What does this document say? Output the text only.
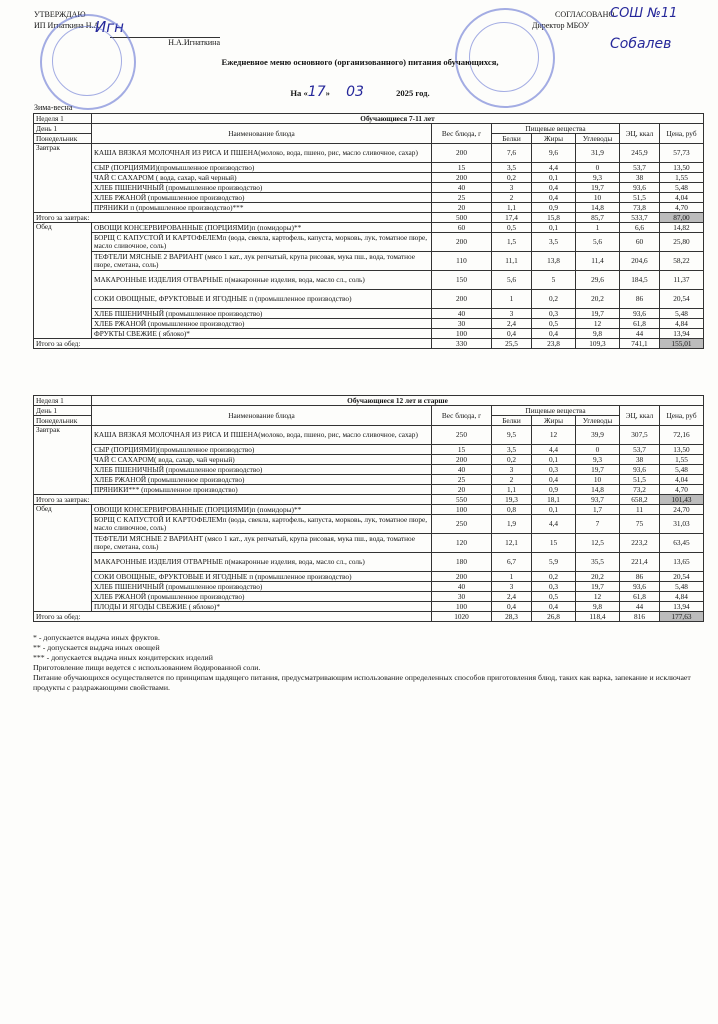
УТВЕРЖДАЮ
ИП Игнаткина Н.А.
Н.А.Игнаткина
СОГЛАСОВАНО
Директор МБОУ
Игн
СОШ №11
Собалев
Ежедневное меню основного (организованного) питания обучающихся,
На «17» 03	2025 год.
Зима-весна
Неделя 1	Обучающиеся 7-11 лет						
День 1	Наименование блюда	Вес блюда, г	Пищевые вещества			ЭЦ, ккал	Цена, руб
Понедельник			Белки	Жиры	Углеводы		
Завтрак	КАША ВЯЗКАЯ МОЛОЧНАЯ ИЗ РИСА И ПШЕНА(молоко, вода, пшено, рис, масло сливочное, сахар)	200	7,6	9,6	31,9	245,9	57,73
	СЫР (ПОРЦИЯМИ)(промышленное производство)	15	3,5	4,4	0	53,7	13,50
	ЧАЙ С САХАРОМ ( вода, сахар, чай черный)	200	0,2	0,1	9,3	38	1,55
	ХЛЕБ ПШЕНИЧНЫЙ (промышленное производство)	40	3	0,4	19,7	93,6	5,48
	ХЛЕБ РЖАНОЙ (промышленное производство)	25	2	0,4	10	51,5	4,04
	ПРЯНИКИ п (промышленное производство)***	20	1,1	0,9	14,8	73,8	4,70
Итого за завтрак:		500	17,4	15,8	85,7	533,7	87,00
Обед	ОВОЩИ КОНСЕРВИРОВАННЫЕ (ПОРЦИЯМИ)п (помидоры)**	60	0,5	0,1	1	6,6	14,82
	БОРЩ С КАПУСТОЙ И КАРТОФЕЛЕМп (вода, свекла, картофель, капуста, морковь, лук, томатное пюре, масло сливочное, соль)	200	1,5	3,5	5,6	60	25,80
	ТЕФТЕЛИ МЯСНЫЕ 2 ВАРИАНТ (мясо 1 кат., лук репчатый, крупа рисовая, мука пш., вода, томатное пюре, сметана, соль)	110	11,1	13,8	11,4	204,6	58,22
	МАКАРОННЫЕ ИЗДЕЛИЯ ОТВАРНЫЕ п(макаронные изделия, вода, масло сл., соль)	150	5,6	5	29,6	184,5	11,37
	СОКИ ОВОЩНЫЕ, ФРУКТОВЫЕ И ЯГОДНЫЕ п (промышленное производство)	200	1	0,2	20,2	86	20,54
	ХЛЕБ ПШЕНИЧНЫЙ (промышленное производство)	40	3	0,3	19,7	93,6	5,48
	ХЛЕБ РЖАНОЙ (промышленное производство)	30	2,4	0,5	12	61,8	4,84
	ФРУКТЫ СВЕЖИЕ ( яблоко)*	100	0,4	0,4	9,8	44	13,94
Итого за обед:		330	25,5	23,8	109,3	741,1	155,01
Неделя 1	Обучающиеся 12 лет и старше						
День 1	Наименование блюда	Вес блюда, г	Пищевые вещества			ЭЦ, ккал	Цена, руб
Понедельник			Белки	Жиры	Углеводы		
Завтрак	КАША ВЯЗКАЯ МОЛОЧНАЯ ИЗ РИСА И ПШЕНА(молоко, вода, пшено, рис, масло сливочное, сахар)	250	9,5	12	39,9	307,5	72,16
	СЫР (ПОРЦИЯМИ)(промышленное производство)	15	3,5	4,4	0	53,7	13,50
	ЧАЙ С САХАРОМ( вода, сахар, чай черный)	200	0,2	0,1	9,3	38	1,55
	ХЛЕБ ПШЕНИЧНЫЙ (промышленное производство)	40	3	0,3	19,7	93,6	5,48
	ХЛЕБ РЖАНОЙ (промышленное производство)	25	2	0,4	10	51,5	4,04
	ПРЯНИКИ*** (промышленное производство)	20	1,1	0,9	14,8	73,2	4,70
Итого за завтрак:		550	19,3	18,1	93,7	658,2	101,43
Обед	ОВОЩИ КОНСЕРВИРОВАННЫЕ (ПОРЦИЯМИ)п (помидоры)**	100	0,8	0,1	1,7	11	24,70
	БОРЩ С КАПУСТОЙ И КАРТОФЕЛЕМп (вода, свекла, картофель, капуста, морковь, лук, томатное пюре, масло сливочное, соль)	250	1,9	4,4	7	75	31,03
	ТЕФТЕЛИ МЯСНЫЕ 2 ВАРИАНТ (мясо 1 кат., лук репчатый, крупа рисовая, мука пш., вода, томатное пюре, сметана, соль)	120	12,1	15	12,5	223,2	63,45
	МАКАРОННЫЕ ИЗДЕЛИЯ ОТВАРНЫЕ п(макаронные изделия, вода, масло сл., соль)	180	6,7	5,9	35,5	221,4	13,65
	СОКИ ОВОЩНЫЕ, ФРУКТОВЫЕ И ЯГОДНЫЕ п (промышленное производство)	200	1	0,2	20,2	86	20,54
	ХЛЕБ ПШЕНИЧНЫЙ (промышленное производство)	40	3	0,3	19,7	93,6	5,48
	ХЛЕБ РЖАНОЙ (промышленное производство)	30	2,4	0,5	12	61,8	4,84
	ПЛОДЫ И ЯГОДЫ СВЕЖИЕ ( яблоко)*	100	0,4	0,4	9,8	44	13,94
Итого за обед:		1020	28,3	26,8	118,4	816	177,63
* - допускается выдача иных фруктов.
** - допускается выдача иных овощей
*** - допускается выдача иных кондитерских изделий
Приготовление пищи ведется с использованием йодированной соли.
Питание обучающихся осуществляется по принципам щадящего питания, предусматривающим использование определенных способов приготовления блюд, таких как варка, запекание и исключает продукты с раздражающими свойствами.
